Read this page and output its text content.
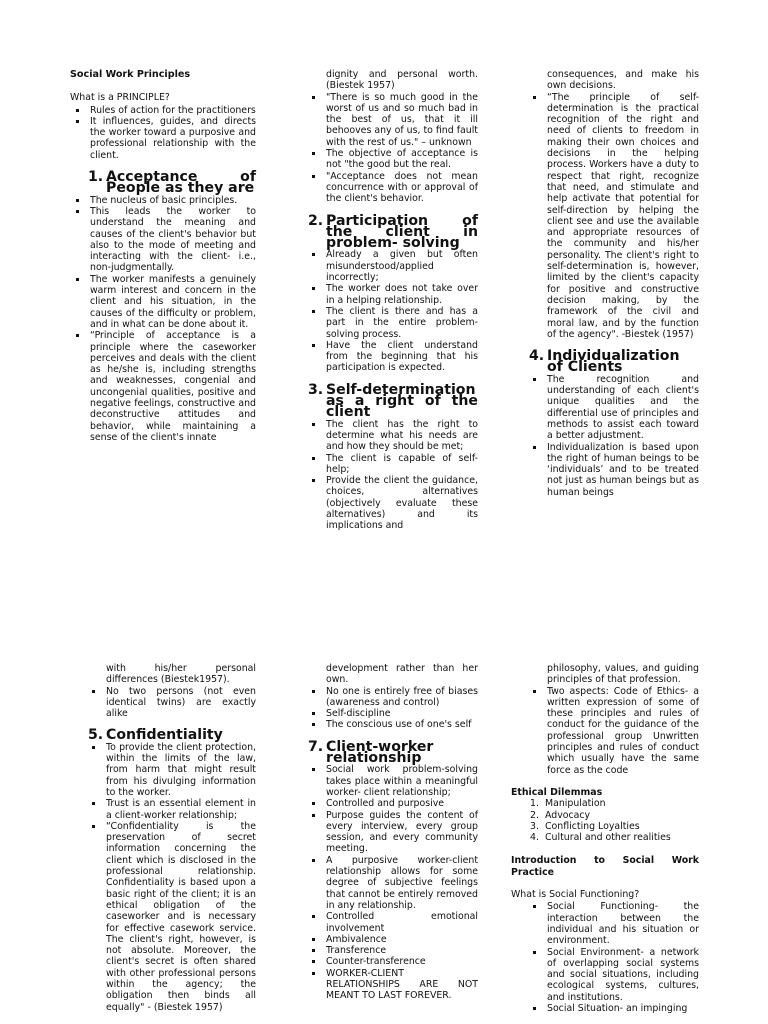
Social Work Principles

What is a PRINCIPLE?

Rules of action for the practitioners
It influences, guides, and directs the worker toward a purposive and professional relationship with the client.
1. Acceptance of People as they are
The nucleus of basic principles.
This leads the worker to understand the meaning and causes of the client's behavior but also to the mode of meeting and interacting with the client- i.e., non-judgmentally.
The worker manifests a genuinely warm interest and concern in the client and his situation, in the causes of the difficulty or problem, and in what can be done about it.
“Principle of acceptance is a principle where the caseworker perceives and deals with the client as he/she is, including strengths and weaknesses, congenial and uncongenial qualities, positive and negative feelings, constructive and deconstructive attitudes and behavior, while maintaining a sense of the client's innate

dignity and personal worth. (Biestek 1957)

"There is so much good in the worst of us and so much bad in the best of us, that it ill behooves any of us, to find fault with the rest of us." – unknown
The objective of acceptance is not "the good but the real.
"Acceptance does not mean concurrence with or approval of the client's behavior.
2. Participation of the client in problem- solving
Already a given but often misunderstood/applied incorrectly;
The worker does not take over in a helping relationship.
The client is there and has a part in the entire problem-solving process.
Have the client understand from the beginning that his participation is expected.
3. Self-determination as a right of the client
The client has the right to determine what his needs are and how they should be met;
The client is capable of self-help;
Provide the client the guidance, choices, alternatives (objectively evaluate these alternatives) and its implications and

consequences, and make his own decisions.

“The principle of self-determination is the practical recognition of the right and need of clients to freedom in making their own choices and decisions in the helping process. Workers have a duty to respect that right, recognize that need, and stimulate and help activate that potential for self-direction by helping the client see and use the available and appropriate resources of the community and his/her personality. The client's right to self-determination is, however, limited by the client's capacity for positive and constructive decision making, by the framework of the civil and moral law, and by the function of the agency". -Biestek (1957)
4. Individualization of Clients
The recognition and understanding of each client's unique qualities and the differential use of principles and methods to assist each toward a better adjustment.
Individualization is based upon the right of human beings to be ‘individuals’ and to be treated not just as human beings but as human beings

with his/her personal differences (Biestek1957).

No two persons (not even identical twins) are exactly alike
5. Confidentiality
To provide the client protection, within the limits of the law, from harm that might result from his divulging information to the worker.
Trust is an essential element in a client-worker relationship;
“Confidentiality is the preservation of secret information concerning the client which is disclosed in the professional relationship. Confidentiality is based upon a basic right of the client; it is an ethical obligation of the caseworker and is necessary for effective casework service. The client's right, however, is not absolute. Moreover, the client's secret is often shared with other professional persons within the agency; the obligation then binds all equally" - (Biestek 1957)

development rather than her own.

No one is entirely free of biases (awareness and control)
Self-discipline
The conscious use of one's self
7. Client-worker relationship
Social work problem-solving takes place within a meaningful worker- client relationship;
Controlled and purposive
Purpose guides the content of every interview, every group session, and every community meeting.
A purposive worker-client relationship allows for some degree of subjective feelings that cannot be entirely removed in any relationship.
Controlled emotional involvement
Ambivalence
Transference
Counter-transference
WORKER-CLIENT RELATIONSHIPS ARE NOT MEANT TO LAST FOREVER.

philosophy, values, and guiding principles of that profession.

Two aspects: Code of Ethics- a written expression of some of these principles and rules of conduct for the guidance of the professional group Unwritten principles and rules of conduct which usually have the same force as the code

Ethical Dilemmas

1. Manipulation
2. Advocacy
3. Conflicting Loyalties
4. Cultural and other realities

Introduction to Social Work Practice

What is Social Functioning?

Social Functioning- the interaction between the individual and his situation or environment.
Social Environment- a network of overlapping social systems and social situations, including ecological systems, cultures, and institutions.
Social Situation- an impinging
